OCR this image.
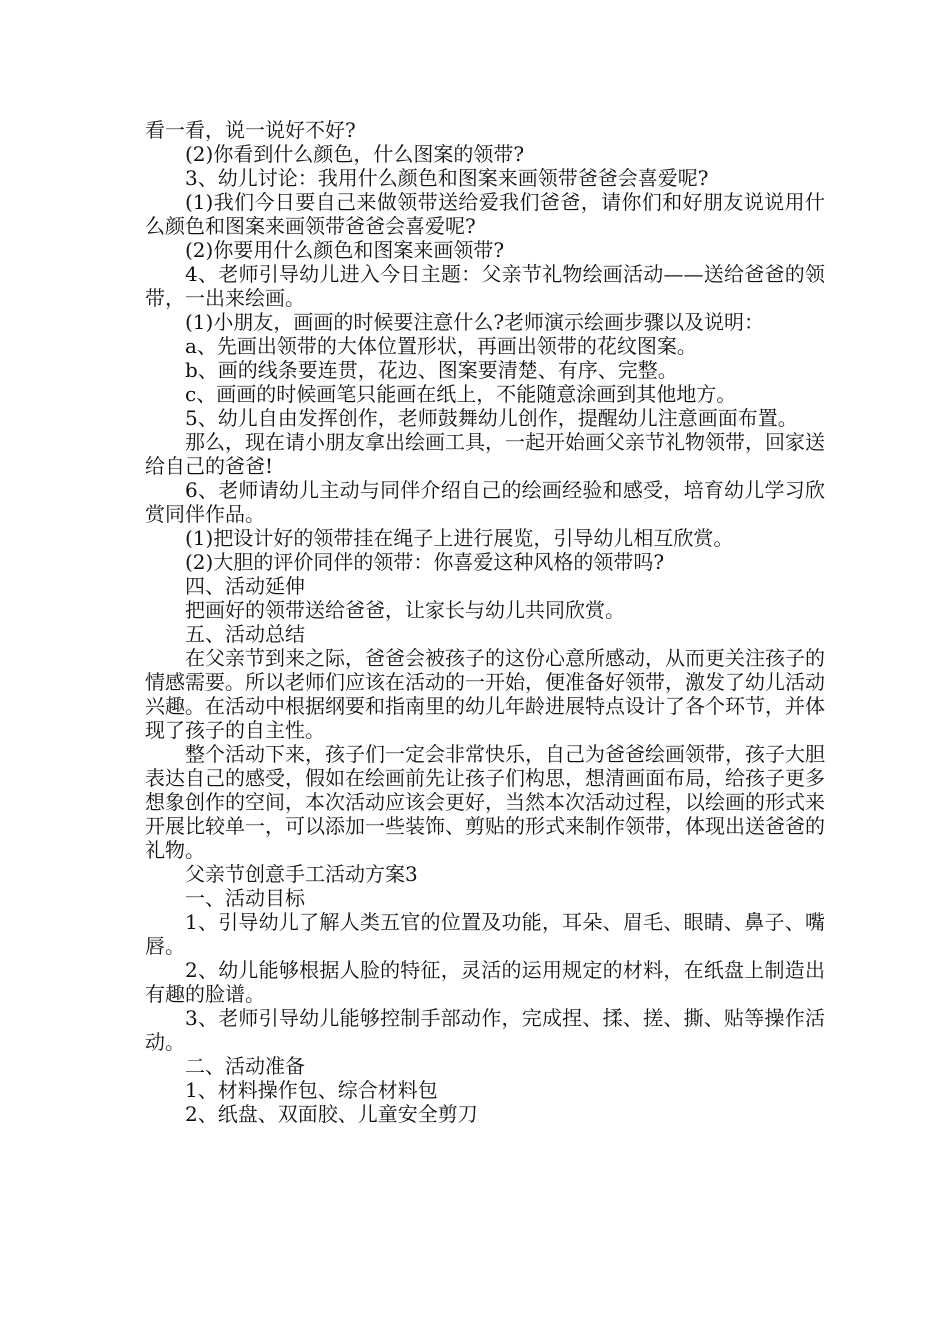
看一看，说一说好不好?

(2)你看到什么颜色，什么图案的领带?

3、幼儿讨论：我用什么颜色和图案来画领带爸爸会喜爱呢?

(1)我们今日要自己来做领带送给爱我们爸爸，请你们和好朋友说说用什么颜色和图案来画领带爸爸会喜爱呢?

(2)你要用什么颜色和图案来画领带?

4、老师引导幼儿进入今日主题：父亲节礼物绘画活动——送给爸爸的领带，一出来绘画。

(1)小朋友，画画的时候要注意什么?老师演示绘画步骤以及说明：

a、先画出领带的大体位置形状，再画出领带的花纹图案。

b、画的线条要连贯，花边、图案要清楚、有序、完整。

c、画画的时候画笔只能画在纸上，不能随意涂画到其他地方。

5、幼儿自由发挥创作，老师鼓舞幼儿创作，提醒幼儿注意画面布置。

那么，现在请小朋友拿出绘画工具，一起开始画父亲节礼物领带，回家送给自己的爸爸!

6、老师请幼儿主动与同伴介绍自己的绘画经验和感受，培育幼儿学习欣赏同伴作品。

(1)把设计好的领带挂在绳子上进行展览，引导幼儿相互欣赏。

(2)大胆的评价同伴的领带：你喜爱这种风格的领带吗?

四、活动延伸

把画好的领带送给爸爸，让家长与幼儿共同欣赏。

五、活动总结

在父亲节到来之际，爸爸会被孩子的这份心意所感动，从而更关注孩子的情感需要。所以老师们应该在活动的一开始，便准备好领带，激发了幼儿活动兴趣。在活动中根据纲要和指南里的幼儿年龄进展特点设计了各个环节，并体现了孩子的自主性。

整个活动下来，孩子们一定会非常快乐，自己为爸爸绘画领带，孩子大胆表达自己的感受，假如在绘画前先让孩子们构思，想清画面布局，给孩子更多想象创作的空间，本次活动应该会更好，当然本次活动过程，以绘画的形式来开展比较单一，可以添加一些装饰、剪贴的形式来制作领带，体现出送爸爸的礼物。

父亲节创意手工活动方案3

一、活动目标

1、引导幼儿了解人类五官的位置及功能，耳朵、眉毛、眼睛、鼻子、嘴唇。

2、幼儿能够根据人脸的特征，灵活的运用规定的材料，在纸盘上制造出有趣的脸谱。

3、老师引导幼儿能够控制手部动作，完成捏、揉、搓、撕、贴等操作活动。

二、活动准备

1、材料操作包、综合材料包

2、纸盘、双面胶、儿童安全剪刀
